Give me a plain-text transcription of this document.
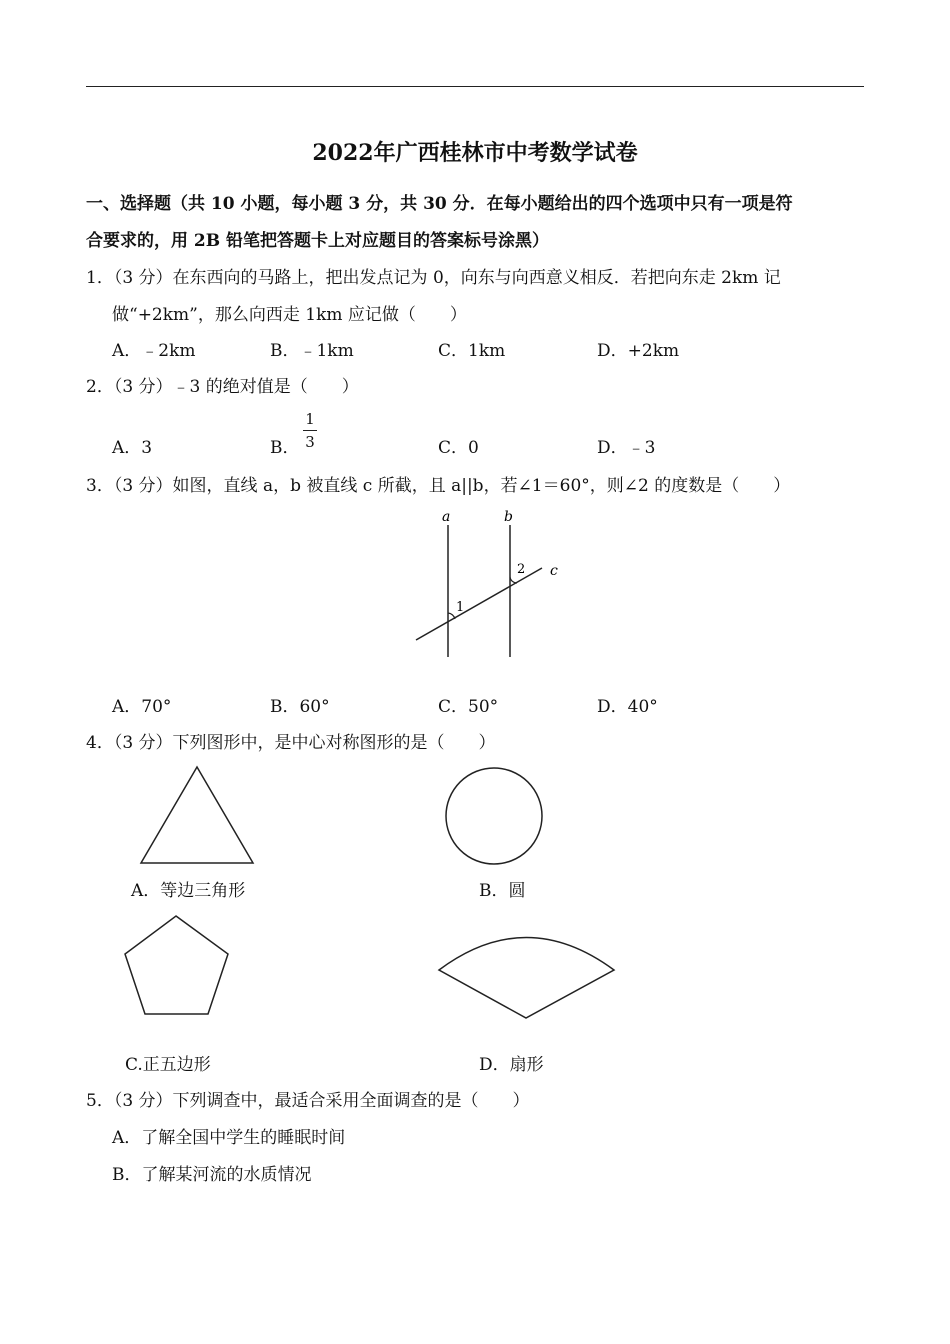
2022年广西桂林市中考数学试卷
一、选择题（共 10 小题，每小题 3 分，共 30 分．在每小题给出的四个选项中只有一项是符
合要求的，用 2B 铅笔把答题卡上对应题目的答案标号涂黑）
1．（3 分）在东西向的马路上，把出发点记为 0，向东与向西意义相反．若把向东走 2km 记
做“+2km”，那么向西走 1km 应记做（　　）
A．﹣2km	B．﹣1km	C．1km	D．+2km
2．（3 分）﹣3 的绝对值是（　　）
A．3	B．
1
3	C．0	D．﹣3
3．（3 分）如图，直线 a，b 被直线 c 所截，且 a||b，若∠1＝60°，则∠2 的度数是（　　）
a	b
c
1
2
A．70°	B．60°	C．50°	D．40°
4．（3 分）下列图形中，是中心对称图形的是（　　）
A．等边三角形	B．圆
C.正五边形	D．扇形
5．（3 分）下列调查中，最适合采用全面调查的是（　　）
A．了解全国中学生的睡眠时间
B．了解某河流的水质情况
